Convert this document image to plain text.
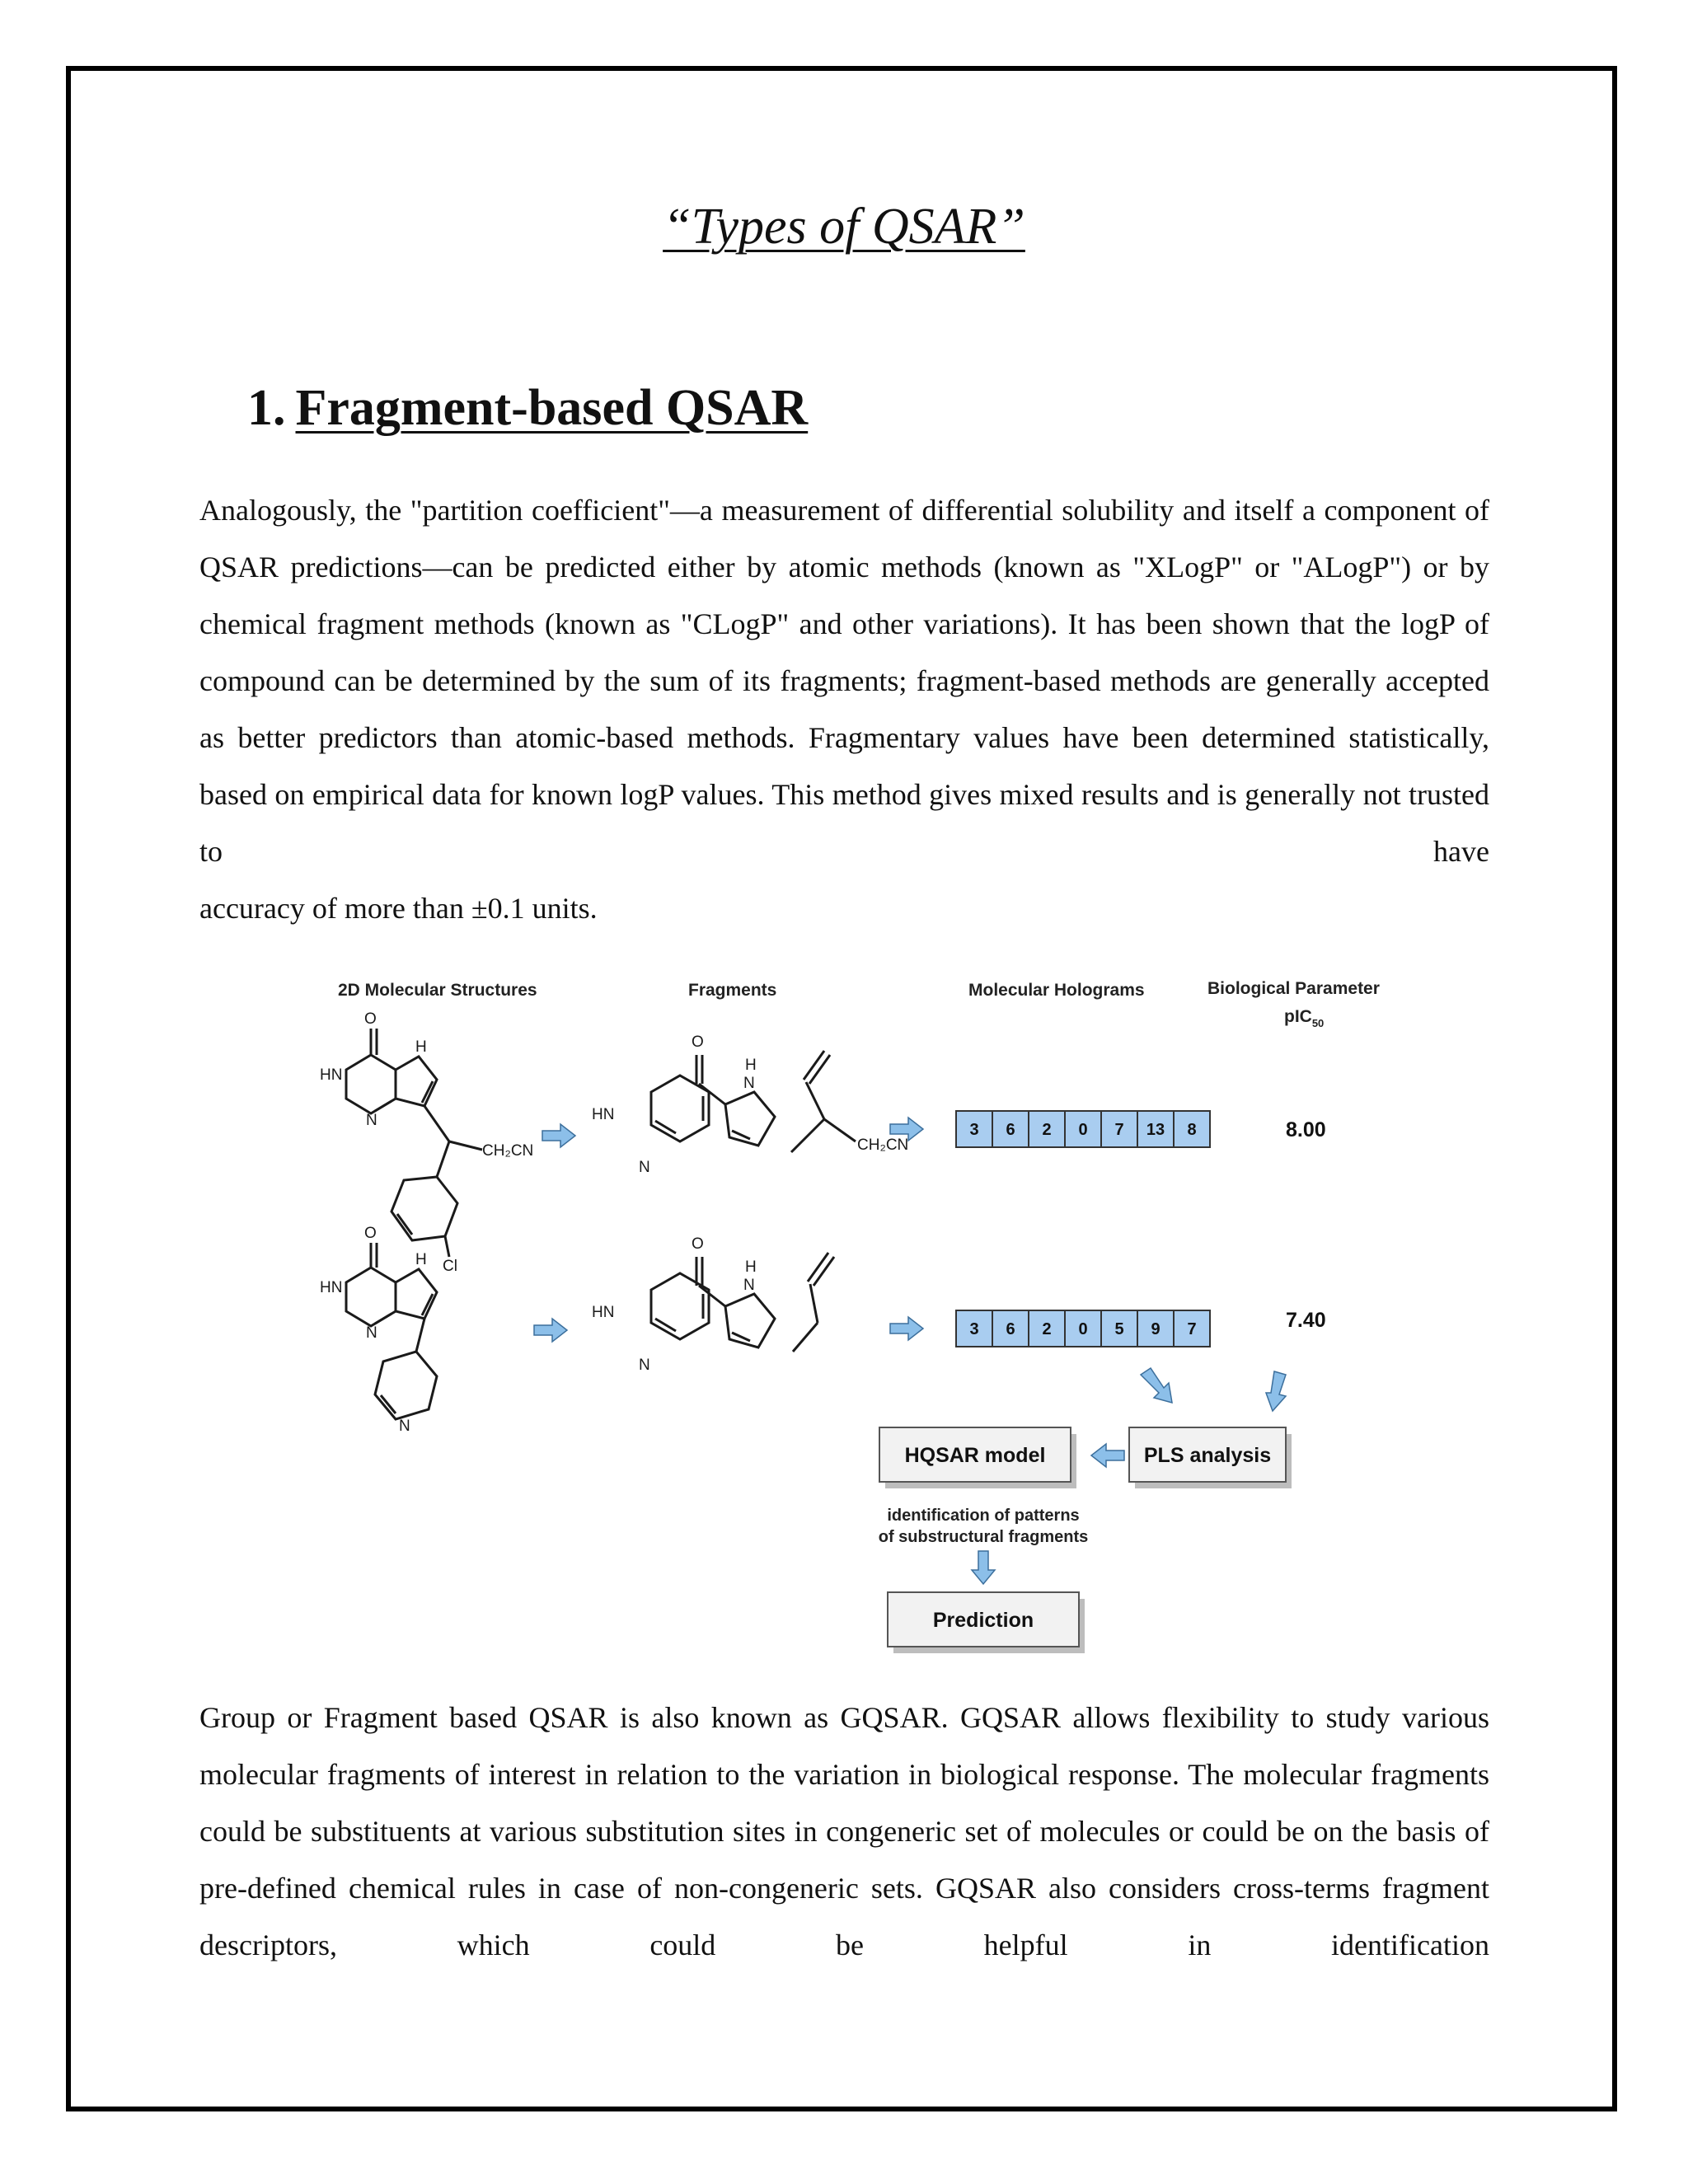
“Types of QSAR”
1. Fragment-based QSAR

Analogously, the "partition coefficient"—a measurement of differential solubility and itself a component of QSAR predictions—can be predicted either by atomic methods (known as "XLogP" or "ALogP") or by chemical fragment methods (known as "CLogP" and other variations). It has been shown that the logP of compound can be determined by the sum of its fragments; fragment-based methods are generally accepted as better predictors than atomic-based methods. Fragmentary values have been determined statistically, based on empirical data for known logP values. This method gives mixed results and is generally not trusted to have
accuracy of more than ±0.1 units.

2D Molecular Structures	Fragments	Molecular Holograms	Biological Parameter
pIC$_{50}$
O
HN
N
H
CH₂CN
Cl
O
HN
N
H
N
HN
N
O
N
H
CH₂CN
HN
N
O
N
H
3 6 2 0 7 13 8
3 6 2 0 5 9 7
8.00
7.40
PLS analysis
HQSAR model
identification of patterns
of substructural fragments
Prediction

Group or Fragment based QSAR is also known as GQSAR. GQSAR allows flexibility to study various molecular fragments of interest in relation to the variation in biological response. The molecular fragments could be substituents at various substitution sites in congeneric set of molecules or could be on the basis of pre-defined chemical rules in case of non-congeneric sets. GQSAR also considers cross-terms fragment descriptors, which could be helpful in identification
